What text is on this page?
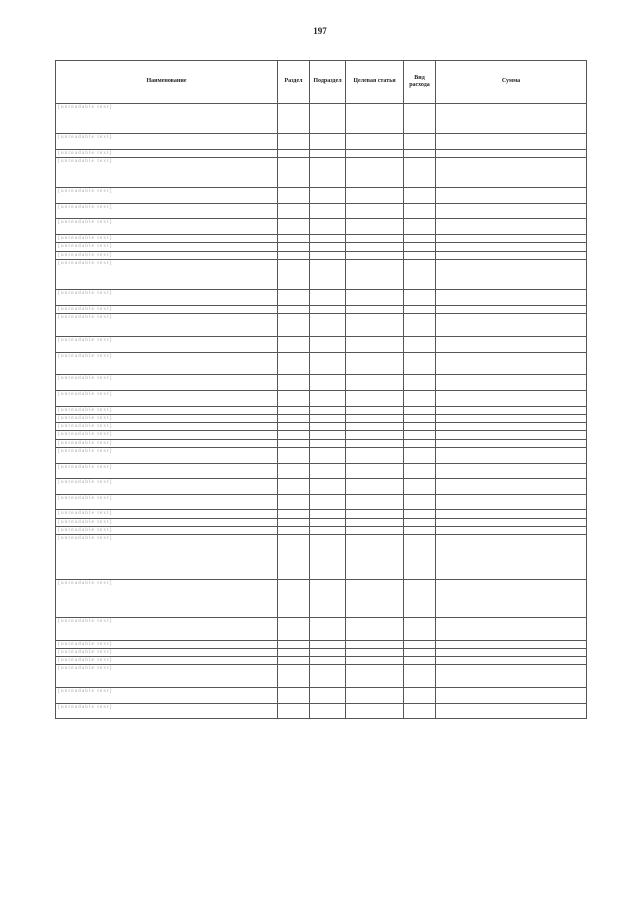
197
Наименование	Раздел	Подраздел	Целевая статья	Вид расхода	Сумма
[unreadable text]					
[unreadable text]					
[unreadable text]					
[unreadable text]					
[unreadable text]					
[unreadable text]					
[unreadable text]					
[unreadable text]					
[unreadable text]					
[unreadable text]					
[unreadable text]					
[unreadable text]					
[unreadable text]					
[unreadable text]					
[unreadable text]					
[unreadable text]					
[unreadable text]					
[unreadable text]					
[unreadable text]					
[unreadable text]					
[unreadable text]					
[unreadable text]					
[unreadable text]					
[unreadable text]					
[unreadable text]					
[unreadable text]					
[unreadable text]					
[unreadable text]					
[unreadable text]					
[unreadable text]					
[unreadable text]					
[unreadable text]					
[unreadable text]					
[unreadable text]					
[unreadable text]					
[unreadable text]					
[unreadable text]					
[unreadable text]					
[unreadable text]					
